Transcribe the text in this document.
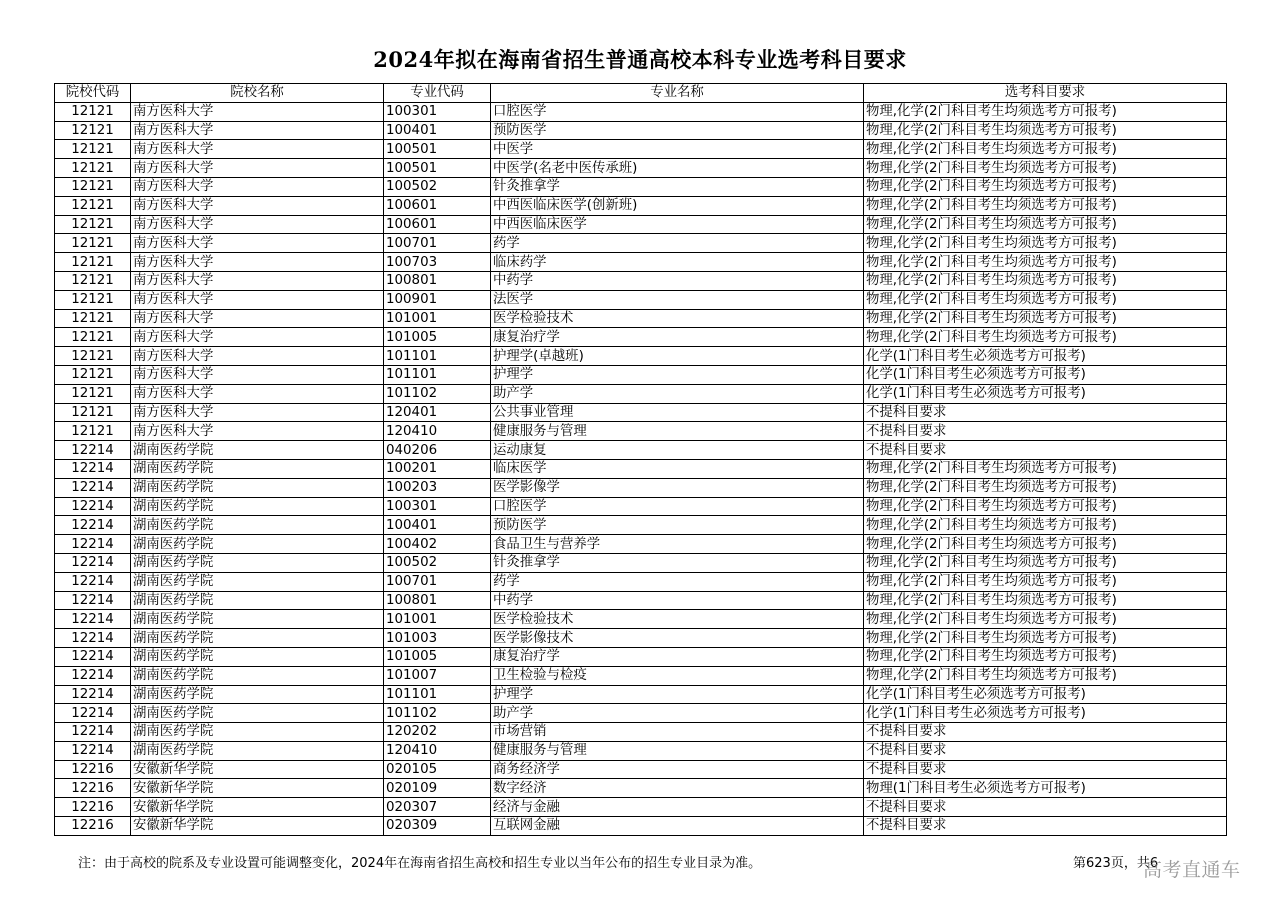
2024年拟在海南省招生普通高校本科专业选考科目要求
院校代码	院校名称	专业代码	专业名称	选考科目要求
12121	南方医科大学	100301	口腔医学	物理,化学(2门科目考生均须选考方可报考)
12121	南方医科大学	100401	预防医学	物理,化学(2门科目考生均须选考方可报考)
12121	南方医科大学	100501	中医学	物理,化学(2门科目考生均须选考方可报考)
12121	南方医科大学	100501	中医学(名老中医传承班)	物理,化学(2门科目考生均须选考方可报考)
12121	南方医科大学	100502	针灸推拿学	物理,化学(2门科目考生均须选考方可报考)
12121	南方医科大学	100601	中西医临床医学(创新班)	物理,化学(2门科目考生均须选考方可报考)
12121	南方医科大学	100601	中西医临床医学	物理,化学(2门科目考生均须选考方可报考)
12121	南方医科大学	100701	药学	物理,化学(2门科目考生均须选考方可报考)
12121	南方医科大学	100703	临床药学	物理,化学(2门科目考生均须选考方可报考)
12121	南方医科大学	100801	中药学	物理,化学(2门科目考生均须选考方可报考)
12121	南方医科大学	100901	法医学	物理,化学(2门科目考生均须选考方可报考)
12121	南方医科大学	101001	医学检验技术	物理,化学(2门科目考生均须选考方可报考)
12121	南方医科大学	101005	康复治疗学	物理,化学(2门科目考生均须选考方可报考)
12121	南方医科大学	101101	护理学(卓越班)	化学(1门科目考生必须选考方可报考)
12121	南方医科大学	101101	护理学	化学(1门科目考生必须选考方可报考)
12121	南方医科大学	101102	助产学	化学(1门科目考生必须选考方可报考)
12121	南方医科大学	120401	公共事业管理	不提科目要求
12121	南方医科大学	120410	健康服务与管理	不提科目要求
12214	湖南医药学院	040206	运动康复	不提科目要求
12214	湖南医药学院	100201	临床医学	物理,化学(2门科目考生均须选考方可报考)
12214	湖南医药学院	100203	医学影像学	物理,化学(2门科目考生均须选考方可报考)
12214	湖南医药学院	100301	口腔医学	物理,化学(2门科目考生均须选考方可报考)
12214	湖南医药学院	100401	预防医学	物理,化学(2门科目考生均须选考方可报考)
12214	湖南医药学院	100402	食品卫生与营养学	物理,化学(2门科目考生均须选考方可报考)
12214	湖南医药学院	100502	针灸推拿学	物理,化学(2门科目考生均须选考方可报考)
12214	湖南医药学院	100701	药学	物理,化学(2门科目考生均须选考方可报考)
12214	湖南医药学院	100801	中药学	物理,化学(2门科目考生均须选考方可报考)
12214	湖南医药学院	101001	医学检验技术	物理,化学(2门科目考生均须选考方可报考)
12214	湖南医药学院	101003	医学影像技术	物理,化学(2门科目考生均须选考方可报考)
12214	湖南医药学院	101005	康复治疗学	物理,化学(2门科目考生均须选考方可报考)
12214	湖南医药学院	101007	卫生检验与检疫	物理,化学(2门科目考生均须选考方可报考)
12214	湖南医药学院	101101	护理学	化学(1门科目考生必须选考方可报考)
12214	湖南医药学院	101102	助产学	化学(1门科目考生必须选考方可报考)
12214	湖南医药学院	120202	市场营销	不提科目要求
12214	湖南医药学院	120410	健康服务与管理	不提科目要求
12216	安徽新华学院	020105	商务经济学	不提科目要求
12216	安徽新华学院	020109	数字经济	物理(1门科目考生必须选考方可报考)
12216	安徽新华学院	020307	经济与金融	不提科目要求
12216	安徽新华学院	020309	互联网金融	不提科目要求
注：由于高校的院系及专业设置可能调整变化，2024年在海南省招生高校和招生专业以当年公布的招生专业目录为准。	第623页，共6
高考直通车
